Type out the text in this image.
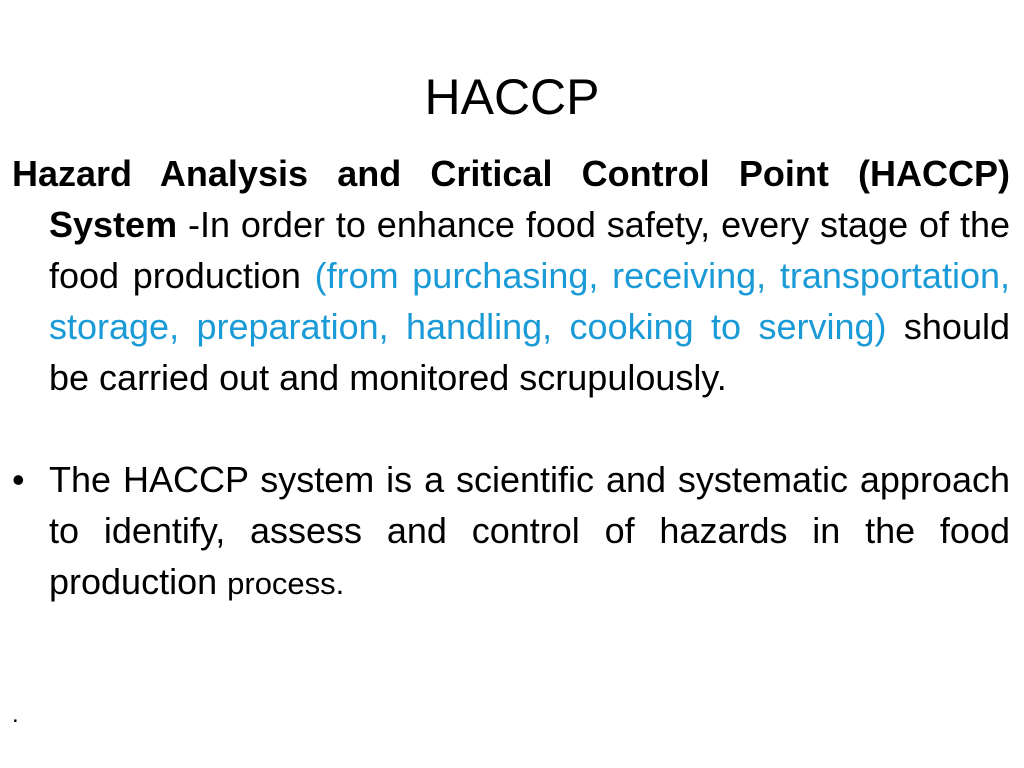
HACCP

Hazard Analysis and Critical Control Point (HACCP) System -In order to enhance food safety, every stage of the food production (from purchasing, receiving, transportation, storage, preparation, handling, cooking to serving) should be carried out and monitored scrupulously.

• The HACCP system is a scientific and systematic approach to identify, assess and control of hazards in the food production process.

.
